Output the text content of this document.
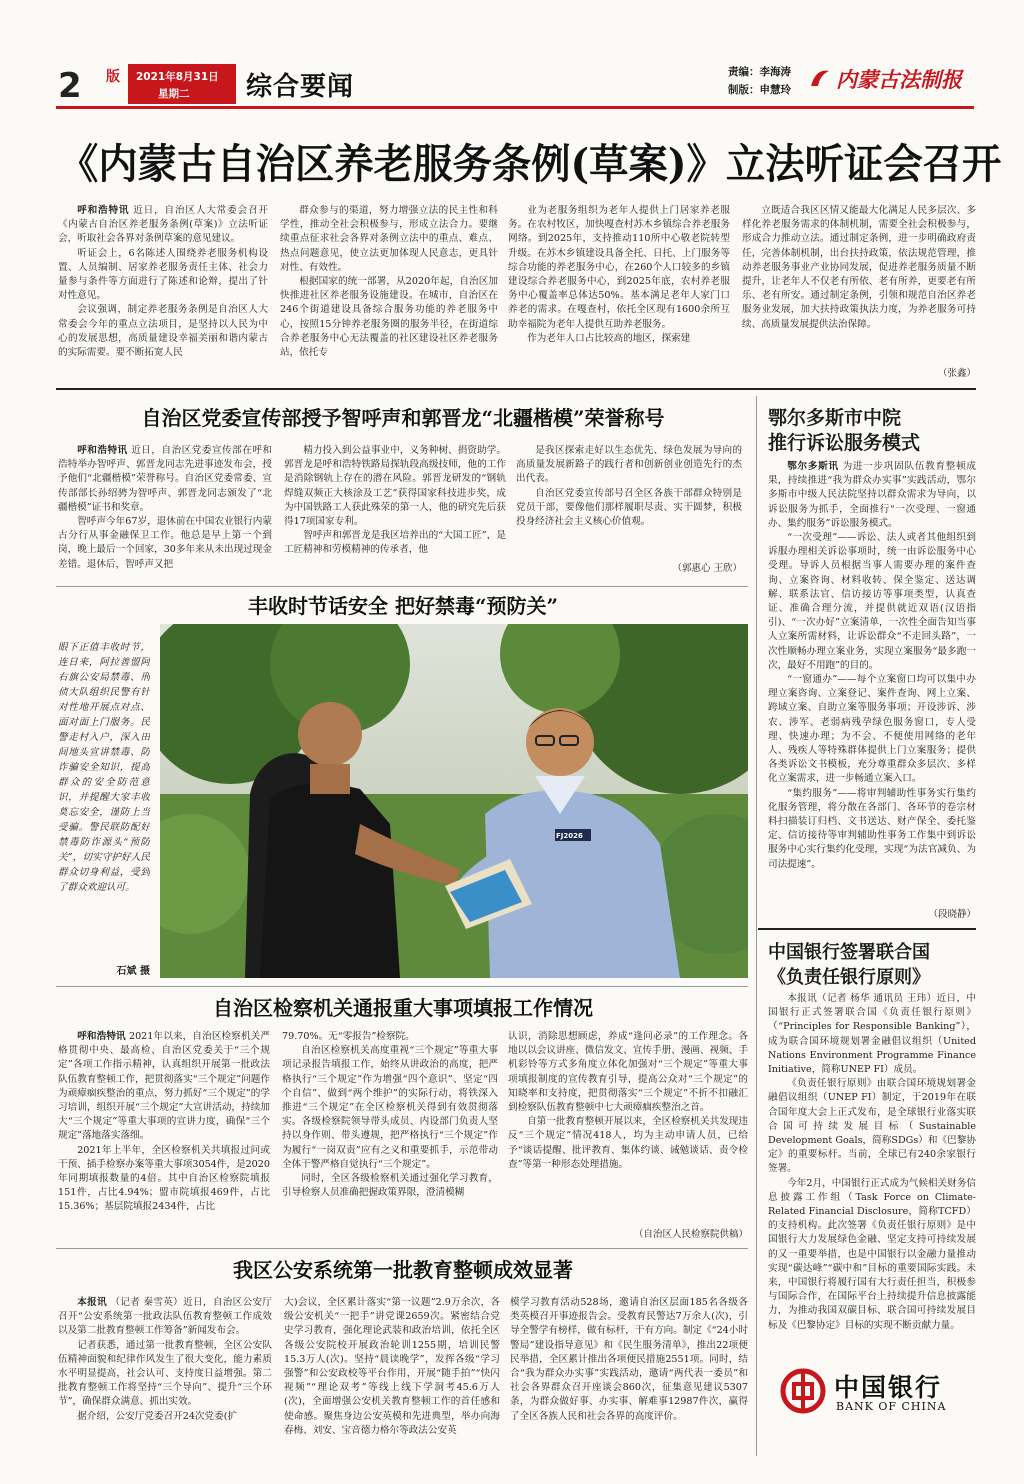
2 版 2021年8月31日
星期二 综合要闻	责编：李海涛
制版：申慧玲 内蒙古法制报
《内蒙古自治区养老服务条例(草案)》立法听证会召开

呼和浩特讯 近日，自治区人大常委会召开《内蒙古自治区养老服务条例(草案)》立法听证会，听取社会各界对条例草案的意见建议。

听证会上，6名陈述人围绕养老服务机构设置、人员编制、居家养老服务责任主体、社会力量参与条件等方面进行了陈述和论辩，提出了针对性意见。

会议强调，制定养老服务条例是自治区人大常委会今年的重点立法项目，是坚持以人民为中心的发展思想，高质量建设幸福美丽和谐内蒙古的实际需要。要不断拓宽人民

群众参与的渠道，努力增强立法的民主性和科学性，推动全社会积极参与，形成立法合力。要继续重点征求社会各界对条例立法中的重点、难点、热点问题意见，使立法更加体现人民意志，更具针对性、有效性。

根据国家的统一部署，从2020年起，自治区加快推进社区养老服务设施建设。在城市，自治区在246个街道建设具备综合服务功能的养老服务中心，按照15分钟养老服务圈的服务半径，在街道综合养老服务中心无法覆盖的社区建设社区养老服务站，依托专

业为老服务组织为老年人提供上门居家养老服务。在农村牧区，加快嘎查村苏木乡镇综合养老服务网络。到2025年，支持推动110所中心敬老院转型升级。在苏木乡镇建设具备全托、日托、上门服务等综合功能的养老服务中心，在260个人口较多的乡镇建设综合养老服务中心，到2025年底，农村养老服务中心覆盖率总体达50%。基本满足老年人家门口养老的需求。在嘎查村，依托全区现有1600余所互助幸福院为老年人提供互助养老服务。

作为老年人口占比较高的地区，探索建

立既适合我区区情又能最大化满足人民多层次、多样化养老服务需求的体制机制，需要全社会积极参与，形成合力推动立法。通过制定条例，进一步明确政府责任，完善体制机制，出台扶持政策，依法规范管理，推动养老服务事业产业协同发展，促进养老服务质量不断提升，让老年人不仅老有所依、老有所养，更要老有所乐、老有所安。通过制定条例，引领和规范自治区养老服务业发展，加大扶持政策执法力度，为养老服务可持续、高质量发展提供法治保障。

（张鑫）
自治区党委宣传部授予智呼声和郭晋龙“北疆楷模”荣誉称号

呼和浩特讯 近日，自治区党委宣传部在呼和浩特举办智呼声、郭晋龙同志先进事迹发布会，授予他们“北疆楷模”荣誉称号。自治区党委常委、宣传部部长孙绍骋为智呼声、郭晋龙同志颁发了“北疆楷模”证书和奖章。

智呼声今年67岁，退休前在中国农业银行内蒙古分行从事金融保卫工作。他总是早上第一个到岗，晚上最后一个回家，30多年来从未出现过现金差错。退休后，智呼声又把

精力投入到公益事业中，义务种树、捐资助学。郭晋龙是呼和浩特铁路局探轨段高级技师，他的工作是消除钢轨上存在的潜在风险。郭晋龙研发的“钢轨焊缝双频正大核涂及工艺”获得国家科技进步奖，成为中国铁路工人获此殊荣的第一人，他的研究先后获得17项国家专利。

智呼声和郭晋龙是我区培养出的“大国工匠”，是工匠精神和劳模精神的传承者，他

是我区探索走好以生态优先、绿色发展为导向的高质量发展新路子的践行者和创新创业创造先行的杰出代表。

自治区党委宣传部号召全区各族干部群众特别是党员干部，要像他们那样履职尽责、实干圆梦，积极投身经济社会主义核心价值观。

（郭惠心 王欣）
鄂尔多斯市中院
推行诉讼服务模式

鄂尔多斯讯 为进一步巩固队伍教育整顿成果，持续推进“我为群众办实事”实践活动，鄂尔多斯市中级人民法院坚持以群众需求为导向，以诉讼服务为抓手，全面推行“一次受理、一窗通办、集约服务”诉讼服务模式。

“一次受理”——诉讼、法人或者其他组织到诉服办理相关诉讼事项时，统一由诉讼服务中心受理。导诉人员根据当事人需要办理的案件查询、立案咨询、材料收转、保全鉴定、送达调解、联系法官、信访接访等事项类型，认真查证、准确合理分流，并提供就近双语(汉语指引)、“一次办好”立案清单，一次性全面告知当事人立案所需材料，让诉讼群众“不走回头路”，一次性顺畅办理立案业务，实现立案服务“最多跑一次，最好不用跑”的目的。

“一窗通办”——每个立案窗口均可以集中办理立案咨询、立案登记、案件查询、网上立案、跨域立案、自助立案等服务事项；开设涉诉、涉农、涉军、老弱病残孕绿色服务窗口，专人受理、快速办理；为不会、不便使用网络的老年人、残疾人等特殊群体提供上门立案服务；提供各类诉讼文书模板，充分尊重群众多层次、多样化立案需求，进一步畅通立案入口。

“集约服务”——将审判辅助性事务实行集约化服务管理，将分散在各部门、各环节的卷宗材料扫描装订归档、文书送达、财产保全、委托鉴定、信访接待等审判辅助性事务工作集中到诉讼服务中心实行集约化受理，实现“为法官减负、为司法提速”。

（段晓静）
丰收时节话安全 把好禁毒“预防关”
眼下正值丰收时节，连日来，阿拉善盟阿右旗公安局禁毒、刑侦大队组织民警有针对性地开展点对点、面对面上门服务。民警走村入户，深入田间地头宣讲禁毒、防诈骗安全知识，提高群众的安全防范意识，并提醒大家丰收莫忘安全，谨防上当受骗。警民联防配好禁毒防诈源头“预防关”，切实守护好人民群众切身利益，受到了群众欢迎认可。
石斌 摄
FJ2026
自治区检察机关通报重大事项填报工作情况

呼和浩特讯 2021年以来，自治区检察机关严格贯彻中央、最高检、自治区党委关于“三个规定”各项工作指示精神，认真组织开展第一批政法队伍教育整顿工作，把贯彻落实“三个规定”问题作为顽瘴痼疾整治的重点，努力抓好“三个规定”的学习培训，组织开展“三个规定”大宣讲活动，持续加大“三个规定”等重大事项的宣讲力度，确保“三个规定”落地落实落细。

2021年上半年，全区检察机关共填报过问或干预、插手检察办案等重大事项3054件，是2020年同期填报数量的4倍。其中自治区检察院填报151件，占比4.94%；盟市院填报469件，占比15.36%；基层院填报2434件，占比

79.70%。无“零报告”检察院。

自治区检察机关高度重视“三个规定”等重大事项记录报告填报工作，始终从讲政治的高度，把严格执行“三个规定”作为增强“四个意识”、坚定“四个自信”、做到“两个维护”的实际行动，将铁深入推进“三个规定”在全区检察机关得到有效贯彻落实。各级检察院领导带头成员、内设部门负责人坚持以身作则、带头遵规，把严格执行“三个规定”作为履行“一岗双责”应有之义和重要抓手，示范带动全体干警严格自觉执行“三个规定”。

同时，全区各级检察机关通过强化学习教育，引导检察人员准确把握政策界限，澄清模糊

认识，消除思想顾虑，养成“逢问必录”的工作理念。各地以以会议讲座、微信发文、宣传手册、漫画、视频、手机彩铃等方式多角度立体化加强对“三个规定”等重大事项填报制度的宣传教育引导，提高公众对“三个规定”的知晓率和支持度，把贯彻落实“三个规定”不折不扣融汇到检察队伍教育整顿中七大顽瘴痼疾整治之首。

自第一批教育整顿开展以来，全区检察机关共发现违反“三个规定”情况418人，均为主动申请人员，已给予“谈话提醒、批评教育、集体约谈、诫勉谈话、责令检查”等第一种形态处理措施。

（自治区人民检察院供稿）
中国银行签署联合国
《负责任银行原则》

本报讯（记者 杨华 通讯员 王玮）近日，中国银行正式签署联合国《负责任银行原则》（“Principles for Responsible Banking”），成为联合国环境规划署金融倡议组织（United Nations Environment Programme Finance Initiative，简称UNEP FI）成员。

《负责任银行原则》由联合国环境规划署金融倡议组织（UNEP FI）制定，于2019年在联合国年度大会上正式发布，是全球银行业落实联合国可持续发展目标（Sustainable Development Goals，简称SDGs）和《巴黎协定》的重要标杆。当前，全球已有240余家银行签署。

今年2月，中国银行正式成为气候相关财务信息披露工作组（Task Force on Climate-Related Financial Disclosure，简称TCFD）的支持机构。此次签署《负责任银行原则》是中国银行大力发展绿色金融、坚定支持可持续发展的又一重要举措，也是中国银行以金融力量推动实现“碳达峰”“碳中和”目标的重要国际实践。未来，中国银行将履行国有大行责任担当，积极参与国际合作，在国际平台上持续提升信息披露能力，为推动我国双碳目标、联合国可持续发展目标及《巴黎协定》目标的实现不断贡献力量。

中国银行
BANK OF CHINA
我区公安系统第一批教育整顿成效显著

本报讯 （记者 秦雪英）近日，自治区公安厅召开“公安系统第一批政法队伍教育整顿工作成效以及第二批教育整顿工作筹备”新闻发布会。

记者获悉，通过第一批教育整顿，全区公安队伍精神面貌和纪律作风发生了很大变化，能力素质水平明显提高，社会认可、支持度日益增强。第二批教育整顿工作将坚持“三个导向”、提升“三个环节”，确保群众满意、抓出实效。

据介绍，公安厅党委召开24次党委(扩

大)会议，全区累计落实“第一议题”2.9万余次，各级公安机关“一把手”讲党课2659次。紧密结合党史学习教育，强化理论武装和政治培训，依托全区各级公安院校开展政治轮训1255期，培训民警15.3万人(次)。坚持“晨读晚学”，发挥各级“学习强警”和公安政校等平台作用，开展“随手拍”“快闪视频”“理论双考”等线上线下学洞考45.6万人(次)，全面增强公安机关教育整顿工作的首任感和使命感。聚焦身边公安英模和先进典型，举办向海春梅、刘安、宝音德力格尔等政法公安英

模学习教育活动528场，邀请自治区层面185名各级各类英模召开事迹报告会。受教育民警达7万余人(次)，引导全警学有榜样，做有标杆，干有方向。制定《“24小时警局”建设指导意见》和《民生服务清单》，推出22项便民举措，全区累计推出各项便民措施2551项。同时，结合“我为群众办实事”实践活动，邀请“两代表一委员”和社会各界群众召开座谈会860次，征集意见建议5307条，为群众做好事、办实事、解难事12987件次，赢得了全区各族人民和社会各界的高度评价。
